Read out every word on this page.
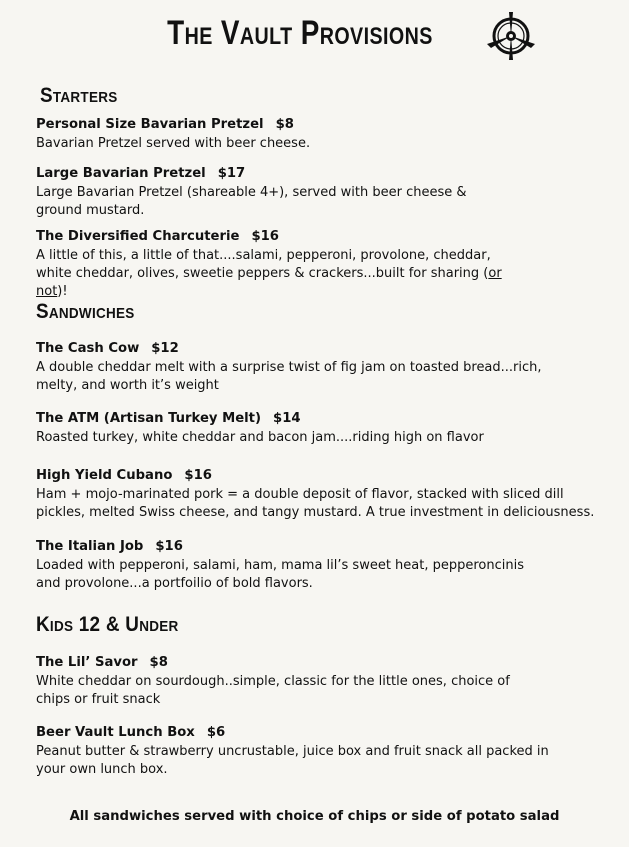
The Vault Provisions
Starters
Personal Size Bavarian Pretzel $8
Bavarian Pretzel served with beer cheese.
Large Bavarian Pretzel $17
Large Bavarian Pretzel (shareable 4+), served with beer cheese & ground mustard.
The Diversified Charcuterie $16
A little of this, a little of that....salami, pepperoni, provolone, cheddar, white cheddar, olives, sweetie peppers & crackers...built for sharing (or not)!
Sandwiches
The Cash Cow $12
A double cheddar melt with a surprise twist of fig jam on toasted bread...rich, melty, and worth it’s weight
The ATM (Artisan Turkey Melt) $14
Roasted turkey, white cheddar and bacon jam....riding high on flavor
High Yield Cubano $16
Ham + mojo-marinated pork = a double deposit of flavor, stacked with sliced dill pickles, melted Swiss cheese, and tangy mustard. A true investment in deliciousness.
The Italian Job $16
Loaded with pepperoni, salami, ham, mama lil’s sweet heat, pepperoncinis and provolone...a portfoilio of bold flavors.
Kids 12 & Under
The Lil’ Savor $8
White cheddar on sourdough..simple, classic for the little ones, choice of chips or fruit snack
Beer Vault Lunch Box $6
Peanut butter & strawberry uncrustable, juice box and fruit snack all packed in your own lunch box.
All sandwiches served with choice of chips or side of potato salad
